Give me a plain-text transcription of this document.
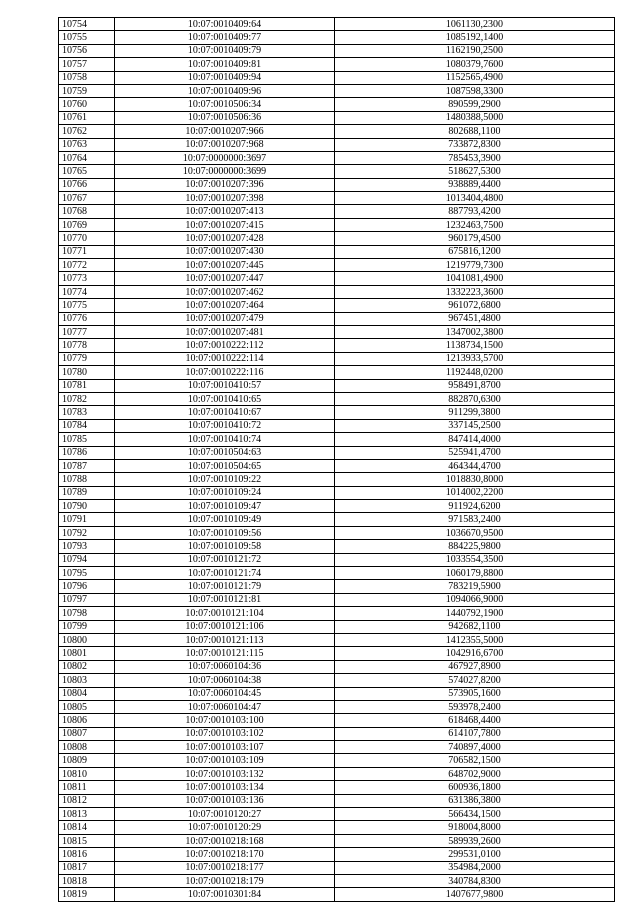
10754	10:07:0010409:64	1061130,2300
10755	10:07:0010409:77	1085192,1400
10756	10:07:0010409:79	1162190,2500
10757	10:07:0010409:81	1080379,7600
10758	10:07:0010409:94	1152565,4900
10759	10:07:0010409:96	1087598,3300
10760	10:07:0010506:34	890599,2900
10761	10:07:0010506:36	1480388,5000
10762	10:07:0010207:966	802688,1100
10763	10:07:0010207:968	733872,8300
10764	10:07:0000000:3697	785453,3900
10765	10:07:0000000:3699	518627,5300
10766	10:07:0010207:396	938889,4400
10767	10:07:0010207:398	1013404,4800
10768	10:07:0010207:413	887793,4200
10769	10:07:0010207:415	1232463,7500
10770	10:07:0010207:428	960179,4500
10771	10:07:0010207:430	675816,1200
10772	10:07:0010207:445	1219779,7300
10773	10:07:0010207:447	1041081,4900
10774	10:07:0010207:462	1332223,3600
10775	10:07:0010207:464	961072,6800
10776	10:07:0010207:479	967451,4800
10777	10:07:0010207:481	1347002,3800
10778	10:07:0010222:112	1138734,1500
10779	10:07:0010222:114	1213933,5700
10780	10:07:0010222:116	1192448,0200
10781	10:07:0010410:57	958491,8700
10782	10:07:0010410:65	882870,6300
10783	10:07:0010410:67	911299,3800
10784	10:07:0010410:72	337145,2500
10785	10:07:0010410:74	847414,4000
10786	10:07:0010504:63	525941,4700
10787	10:07:0010504:65	464344,4700
10788	10:07:0010109:22	1018830,8000
10789	10:07:0010109:24	1014002,2200
10790	10:07:0010109:47	911924,6200
10791	10:07:0010109:49	971583,2400
10792	10:07:0010109:56	1036670,9500
10793	10:07:0010109:58	884225,9800
10794	10:07:0010121:72	1033554,3500
10795	10:07:0010121:74	1060179,8800
10796	10:07:0010121:79	783219,5900
10797	10:07:0010121:81	1094066,9000
10798	10:07:0010121:104	1440792,1900
10799	10:07:0010121:106	942682,1100
10800	10:07:0010121:113	1412355,5000
10801	10:07:0010121:115	1042916,6700
10802	10:07:0060104:36	467927,8900
10803	10:07:0060104:38	574027,8200
10804	10:07:0060104:45	573905,1600
10805	10:07:0060104:47	593978,2400
10806	10:07:0010103:100	618468,4400
10807	10:07:0010103:102	614107,7800
10808	10:07:0010103:107	740897,4000
10809	10:07:0010103:109	706582,1500
10810	10:07:0010103:132	648702,9000
10811	10:07:0010103:134	600936,1800
10812	10:07:0010103:136	631386,3800
10813	10:07:0010120:27	566434,1500
10814	10:07:0010120:29	918004,8000
10815	10:07:0010218:168	589939,2600
10816	10:07:0010218:170	299531,0100
10817	10:07:0010218:177	354984,2000
10818	10:07:0010218:179	340784,8300
10819	10:07:0010301:84	1407677,9800
